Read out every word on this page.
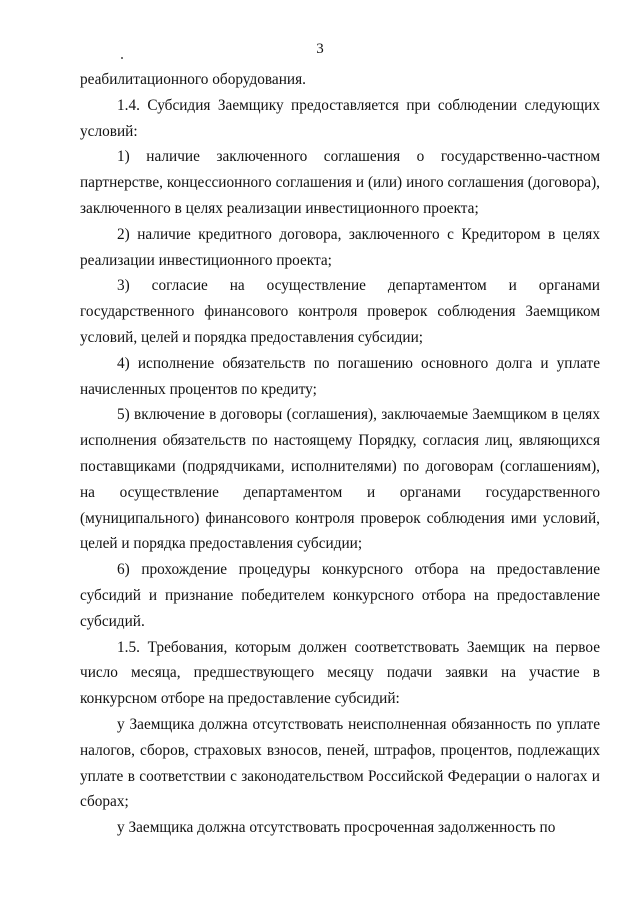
3

реабилитационного оборудования.

1.4. Субсидия Заемщику предоставляется при соблюдении следующих условий:

1) наличие заключенного соглашения о государственно-частном партнерстве, концессионного соглашения и (или) иного соглашения (договора), заключенного в целях реализации инвестиционного проекта;

2) наличие кредитного договора, заключенного с Кредитором в целях реализации инвестиционного проекта;

3) согласие на осуществление департаментом и органами государственного финансового контроля проверок соблюдения Заемщиком условий, целей и порядка предоставления субсидии;

4) исполнение обязательств по погашению основного долга и уплате начисленных процентов по кредиту;

5) включение в договоры (соглашения), заключаемые Заемщиком в целях исполнения обязательств по настоящему Порядку, согласия лиц, являющихся поставщиками (подрядчиками, исполнителями) по договорам (соглашениям), на осуществление департаментом и органами государственного (муниципального) финансового контроля проверок соблюдения ими условий, целей и порядка предоставления субсидии;

6) прохождение процедуры конкурсного отбора на предоставление субсидий и признание победителем конкурсного отбора на предоставление субсидий.

1.5. Требования, которым должен соответствовать Заемщик на первое число месяца, предшествующего месяцу подачи заявки на участие в конкурсном отборе на предоставление субсидий:

у Заемщика должна отсутствовать неисполненная обязанность по уплате налогов, сборов, страховых взносов, пеней, штрафов, процентов, подлежащих уплате в соответствии с законодательством Российской Федерации о налогах и сборах;

у Заемщика должна отсутствовать просроченная задолженность по
